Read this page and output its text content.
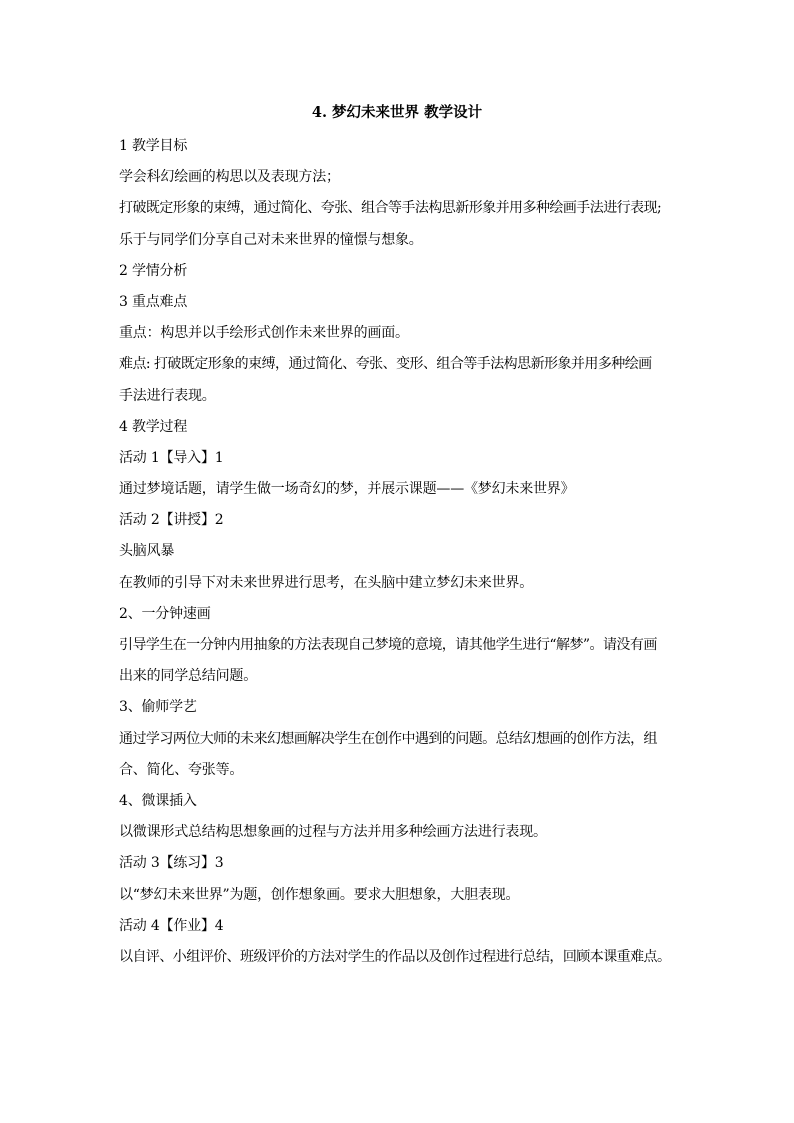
4. 梦幻未来世界 教学设计
1 教学目标
学会科幻绘画的构思以及表现方法；
打破既定形象的束缚，通过简化、夸张、组合等手法构思新形象并用多种绘画手法进行表现;
乐于与同学们分享自己对未来世界的憧憬与想象。
2 学情分析
3 重点难点
重点：构思并以手绘形式创作未来世界的画面。
难点: 打破既定形象的束缚，通过简化、夸张、变形、组合等手法构思新形象并用多种绘画
手法进行表现。
4 教学过程
活动 1【导入】1
通过梦境话题，请学生做一场奇幻的梦，并展示课题——《梦幻未来世界》
活动 2【讲授】2
头脑风暴
在教师的引导下对未来世界进行思考，在头脑中建立梦幻未来世界。
2、一分钟速画
引导学生在一分钟内用抽象的方法表现自己梦境的意境，请其他学生进行“解梦”。请没有画
出来的同学总结问题。
3、偷师学艺
通过学习两位大师的未来幻想画解决学生在创作中遇到的问题。总结幻想画的创作方法，组
合、简化、夸张等。
4、微课插入
以微课形式总结构思想象画的过程与方法并用多种绘画方法进行表现。
活动 3【练习】3
以“梦幻未来世界”为题，创作想象画。要求大胆想象，大胆表现。
活动 4【作业】4
以自评、小组评价、班级评价的方法对学生的作品以及创作过程进行总结，回顾本课重难点。
